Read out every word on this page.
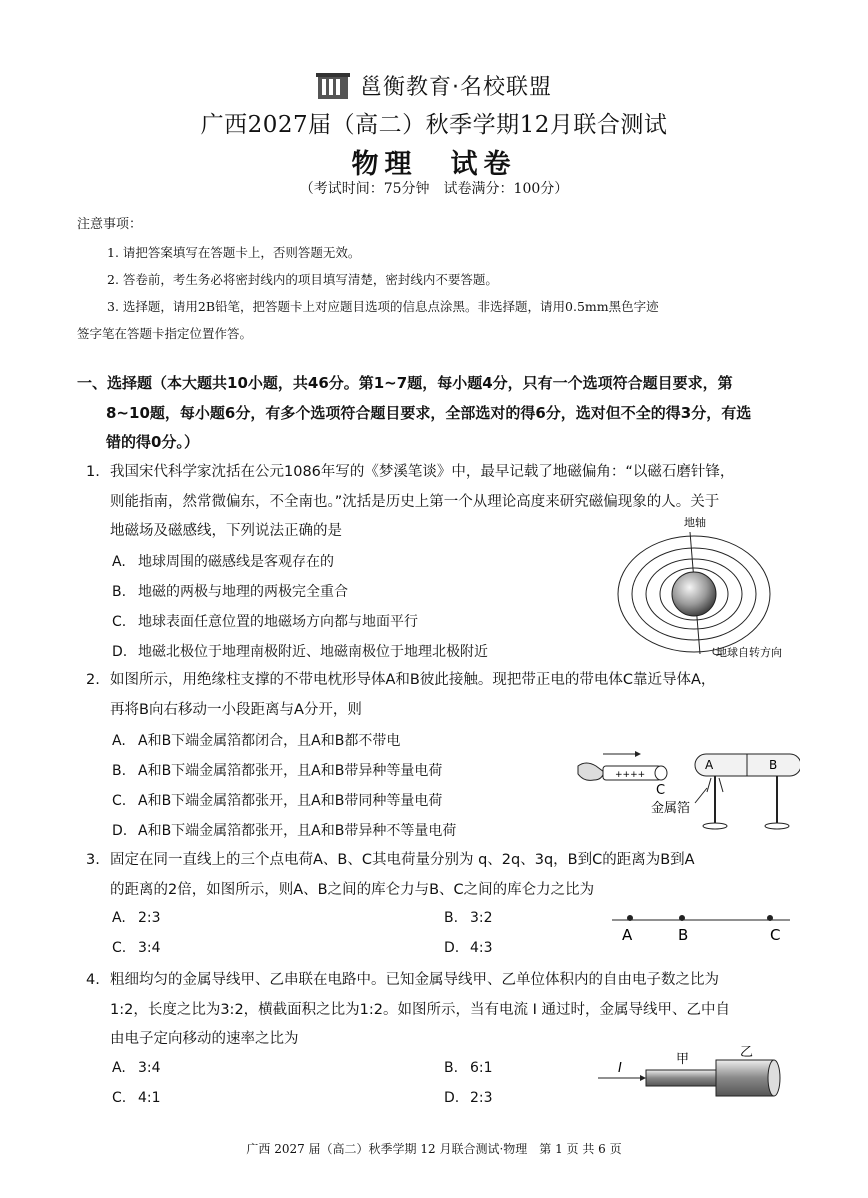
邕衡教育·名校联盟
广西2027届（高二）秋季学期12月联合测试
物理　试卷
（考试时间：75分钟　试卷满分：100分）
注意事项：
1. 请把答案填写在答题卡上，否则答题无效。
2. 答卷前，考生务必将密封线内的项目填写清楚，密封线内不要答题。
3. 选择题，请用2B铅笔，把答题卡上对应题目选项的信息点涂黑。非选择题，请用0.5mm黑色字迹
签字笔在答题卡指定位置作答。
一、选择题（本大题共10小题，共46分。第1~7题，每小题4分，只有一个选项符合题目要求，第
8~10题，每小题6分，有多个选项符合题目要求，全部选对的得6分，选对但不全的得3分，有选
错的得0分。）
1. 我国宋代科学家沈括在公元1086年写的《梦溪笔谈》中，最早记载了地磁偏角：“以磁石磨针锋，
则能指南，然常微偏东，不全南也。”沈括是历史上第一个从理论高度来研究磁偏现象的人。关于
地磁场及磁感线，下列说法正确的是
A. 地球周围的磁感线是客观存在的
B. 地磁的两极与地理的两极完全重合
C. 地球表面任意位置的地磁场方向都与地面平行
D. 地磁北极位于地理南极附近、地磁南极位于地理北极附近
地轴
地球自转方向
2. 如图所示，用绝缘柱支撑的不带电枕形导体A和B彼此接触。现把带正电的带电体C靠近导体A，
再将B向右移动一小段距离与A分开，则
A. A和B下端金属箔都闭合，且A和B都不带电
B. A和B下端金属箔都张开，且A和B带异种等量电荷
C. A和B下端金属箔都张开，且A和B带同种等量电荷
D. A和B下端金属箔都张开，且A和B带异种不等量电荷
++++
C
A	B
金属箔
3. 固定在同一直线上的三个点电荷A、B、C其电荷量分别为 q、2q、3q，B到C的距离为B到A
的距离的2倍，如图所示，则A、B之间的库仑力与B、C之间的库仑力之比为
A. 2:3	B. 3:2
C. 3:4	D. 4:3
A	B	C
4. 粗细均匀的金属导线甲、乙串联在电路中。已知金属导线甲、乙单位体积内的自由电子数之比为
1:2，长度之比为3:2，横截面积之比为1:2。如图所示，当有电流 I 通过时，金属导线甲、乙中自
由电子定向移动的速率之比为
A. 3:4	B. 6:1
C. 4:1	D. 2:3
I
甲	乙
广西 2027 届（高二）秋季学期 12 月联合测试·物理　第 1 页 共 6 页
